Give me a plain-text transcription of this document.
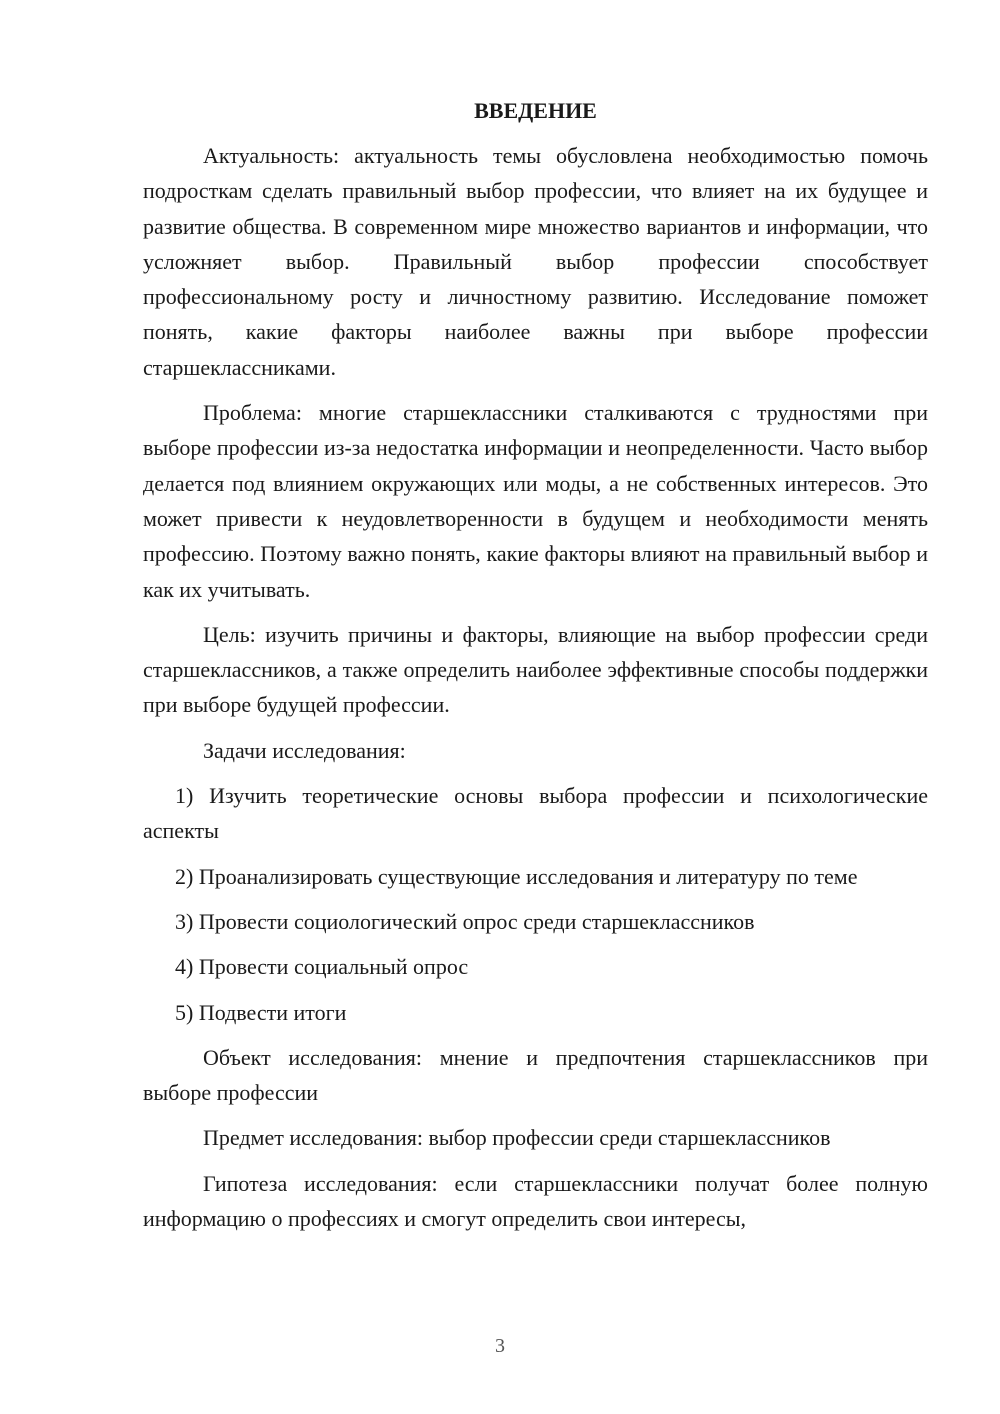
ВВЕДЕНИЕ

Актуальность: актуальность темы обусловлена необходимостью помочь подросткам сделать правильный выбор профессии, что влияет на их будущее и развитие общества. В современном мире множество вариантов и информации, что усложняет выбор. Правильный выбор профессии способствует профессиональному росту и личностному развитию. Исследование поможет понять, какие факторы наиболее важны при выборе профессии старшеклассниками.

Проблема: многие старшеклассники сталкиваются с трудностями при выборе профессии из-за недостатка информации и неопределенности. Часто выбор делается под влиянием окружающих или моды, а не собственных интересов. Это может привести к неудовлетворенности в будущем и необходимости менять профессию. Поэтому важно понять, какие факторы влияют на правильный выбор и как их учитывать.

Цель: изучить причины и факторы, влияющие на выбор профессии среди старшеклассников, а также определить наиболее эффективные способы поддержки при выборе будущей профессии.

Задачи исследования:

1) Изучить теоретические основы выбора профессии и психологические аспекты

2) Проанализировать существующие исследования и литературу по теме

3) Провести социологический опрос среди старшеклассников

4) Провести социальный опрос

5) Подвести итоги

Объект исследования: мнение и предпочтения старшеклассников при выборе профессии

Предмет исследования: выбор профессии среди старшеклассников

Гипотеза исследования: если старшеклассники получат более полную информацию о профессиях и смогут определить свои интересы,

3
